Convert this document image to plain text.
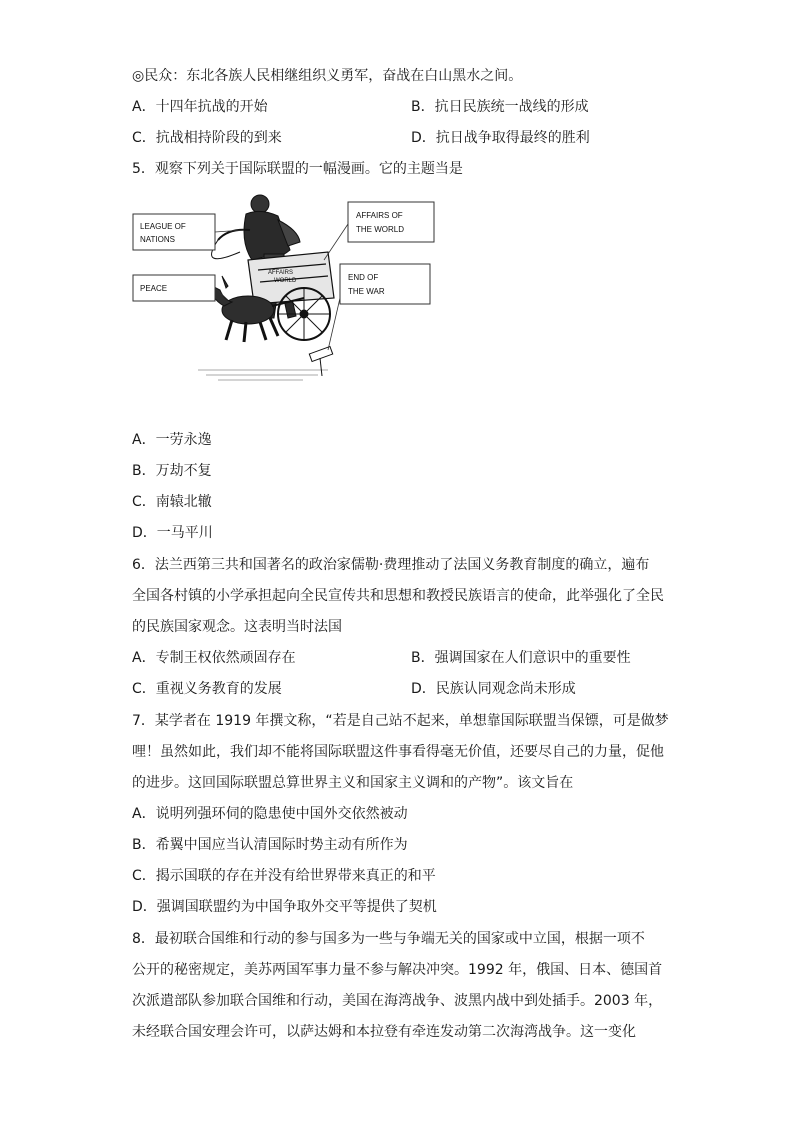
◎民众：东北各族人民相继组织义勇军，奋战在白山黑水之间。
A．十四年抗战的开始	B．抗日民族统一战线的形成
C．抗战相持阶段的到来	D．抗日战争取得最终的胜利
5．观察下列关于国际联盟的一幅漫画。它的主题当是
AFFAIRS
WORLD
LEAGUE OF
NATIONS
AFFAIRS OF
THE WORLD
PEACE
END OF
THE WAR
A．一劳永逸
B．万劫不复
C．南辕北辙
D．一马平川
6．法兰西第三共和国著名的政治家儒勒·费理推动了法国义务教育制度的确立，遍布
全国各村镇的小学承担起向全民宣传共和思想和教授民族语言的使命，此举强化了全民
的民族国家观念。这表明当时法国
A．专制王权依然顽固存在	B．强调国家在人们意识中的重要性
C．重视义务教育的发展	D．民族认同观念尚未形成
7．某学者在 1919 年撰文称，“若是自己站不起来，单想靠国际联盟当保镖，可是做梦
哩！虽然如此，我们却不能将国际联盟这件事看得毫无价值，还要尽自己的力量，促他
的进步。这回国际联盟总算世界主义和国家主义调和的产物”。该文旨在
A．说明列强环伺的隐患使中国外交依然被动
B．希翼中国应当认清国际时势主动有所作为
C．揭示国联的存在并没有给世界带来真正的和平
D．强调国联盟约为中国争取外交平等提供了契机
8．最初联合国维和行动的参与国多为一些与争端无关的国家或中立国，根据一项不
公开的秘密规定，美苏两国军事力量不参与解决冲突。1992 年，俄国、日本、德国首
次派遣部队参加联合国维和行动，美国在海湾战争、波黑内战中到处插手。2003 年，
未经联合国安理会许可，以萨达姆和本拉登有牵连发动第二次海湾战争。这一变化
